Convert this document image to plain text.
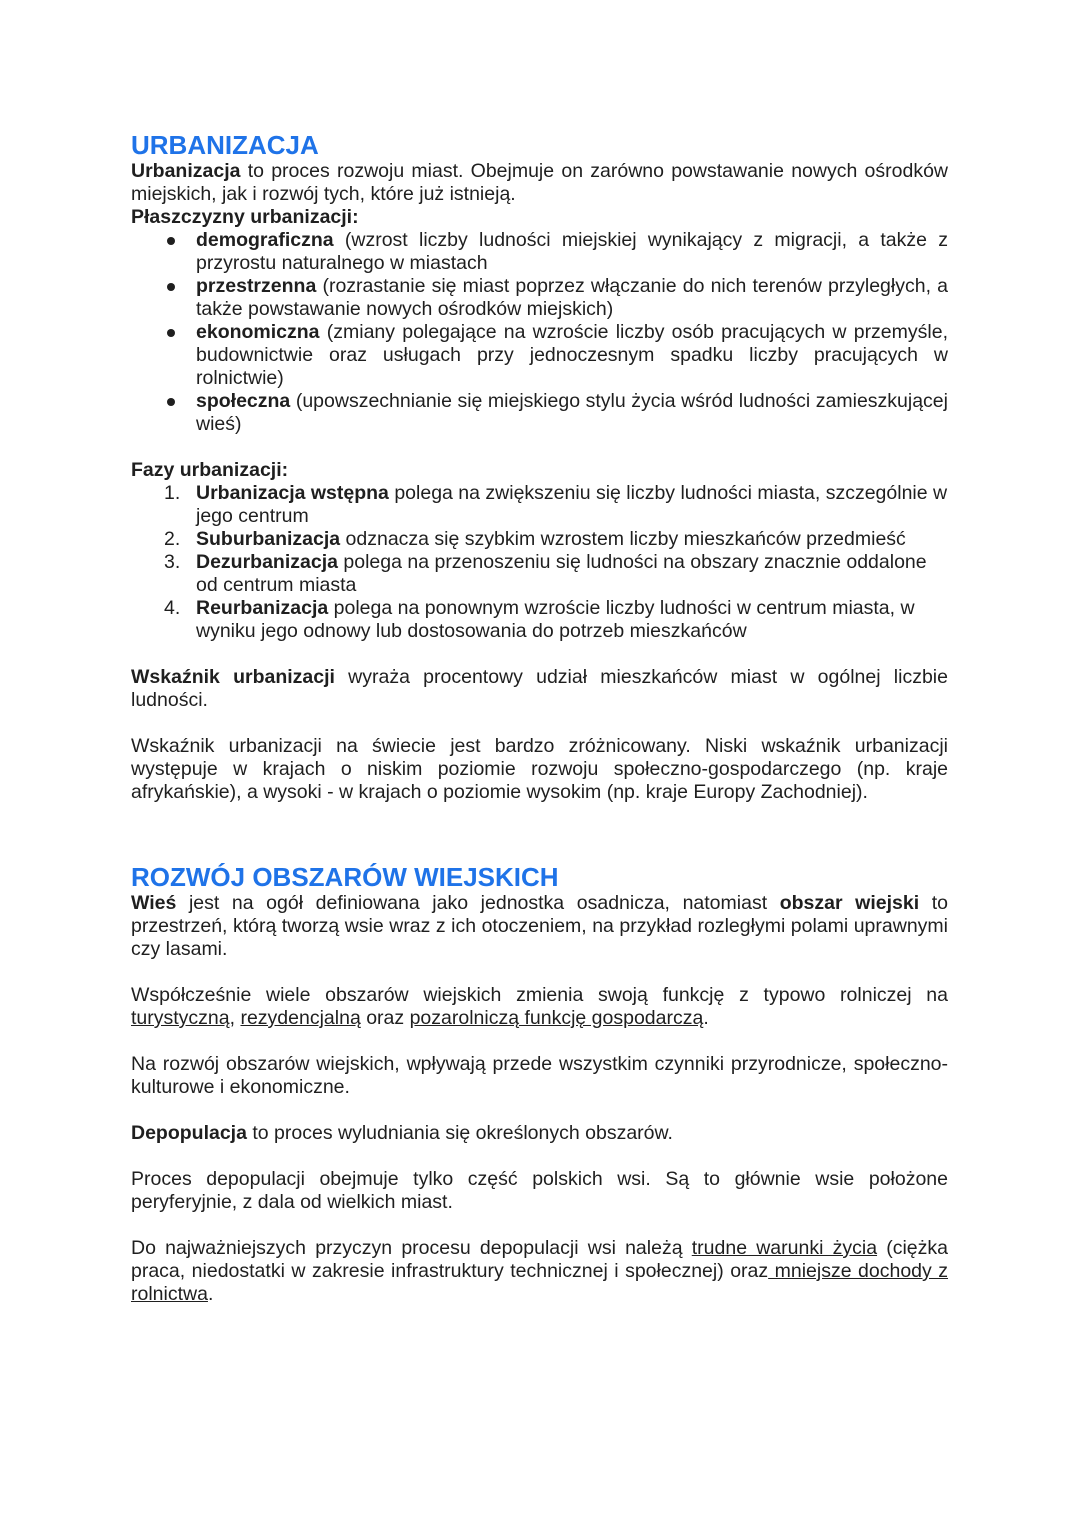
URBANIZACJA

Urbanizacja to proces rozwoju miast. Obejmuje on zarówno powstawanie nowych ośrodków miejskich, jak i rozwój tych, które już istnieją.

Płaszczyzny urbanizacji:

demograficzna (wzrost liczby ludności miejskiej wynikający z migracji, a także z przyrostu naturalnego w miastach
przestrzenna (rozrastanie się miast poprzez włączanie do nich terenów przyległych, a także powstawanie nowych ośrodków miejskich)
ekonomiczna (zmiany polegające na wzroście liczby osób pracujących w przemyśle, budownictwie oraz usługach przy jednoczesnym spadku liczby pracujących w rolnictwie)
społeczna (upowszechnianie się miejskiego stylu życia wśród ludności zamieszkującej wieś)

Fazy urbanizacji:

1. Urbanizacja wstępna polega na zwiększeniu się liczby ludności miasta, szczególnie w jego centrum
2. Suburbanizacja odznacza się szybkim wzrostem liczby mieszkańców przedmieść
3. Dezurbanizacja polega na przenoszeniu się ludności na obszary znacznie oddalone od centrum miasta
4. Reurbanizacja polega na ponownym wzroście liczby ludności w centrum miasta, w wyniku jego odnowy lub dostosowania do potrzeb mieszkańców

Wskaźnik urbanizacji wyraża procentowy udział mieszkańców miast w ogólnej liczbie ludności.

Wskaźnik urbanizacji na świecie jest bardzo zróżnicowany. Niski wskaźnik urbanizacji występuje w krajach o niskim poziomie rozwoju społeczno-gospodarczego (np. kraje afrykańskie), a wysoki - w krajach o poziomie wysokim (np. kraje Europy Zachodniej).

ROZWÓJ OBSZARÓW WIEJSKICH

Wieś jest na ogół definiowana jako jednostka osadnicza, natomiast obszar wiejski to przestrzeń, którą tworzą wsie wraz z ich otoczeniem, na przykład rozległymi polami uprawnymi czy lasami.

Współcześnie wiele obszarów wiejskich zmienia swoją funkcję z typowo rolniczej na turystyczną, rezydencjalną oraz pozarolniczą funkcję gospodarczą.

Na rozwój obszarów wiejskich, wpływają przede wszystkim czynniki przyrodnicze, społeczno-kulturowe i ekonomiczne.

Depopulacja to proces wyludniania się określonych obszarów.

Proces depopulacji obejmuje tylko część polskich wsi. Są to głównie wsie położone peryferyjnie, z dala od wielkich miast.

Do najważniejszych przyczyn procesu depopulacji wsi należą trudne warunki życia (ciężka praca, niedostatki w zakresie infrastruktury technicznej i społecznej) oraz mniejsze dochody z rolnictwa.
